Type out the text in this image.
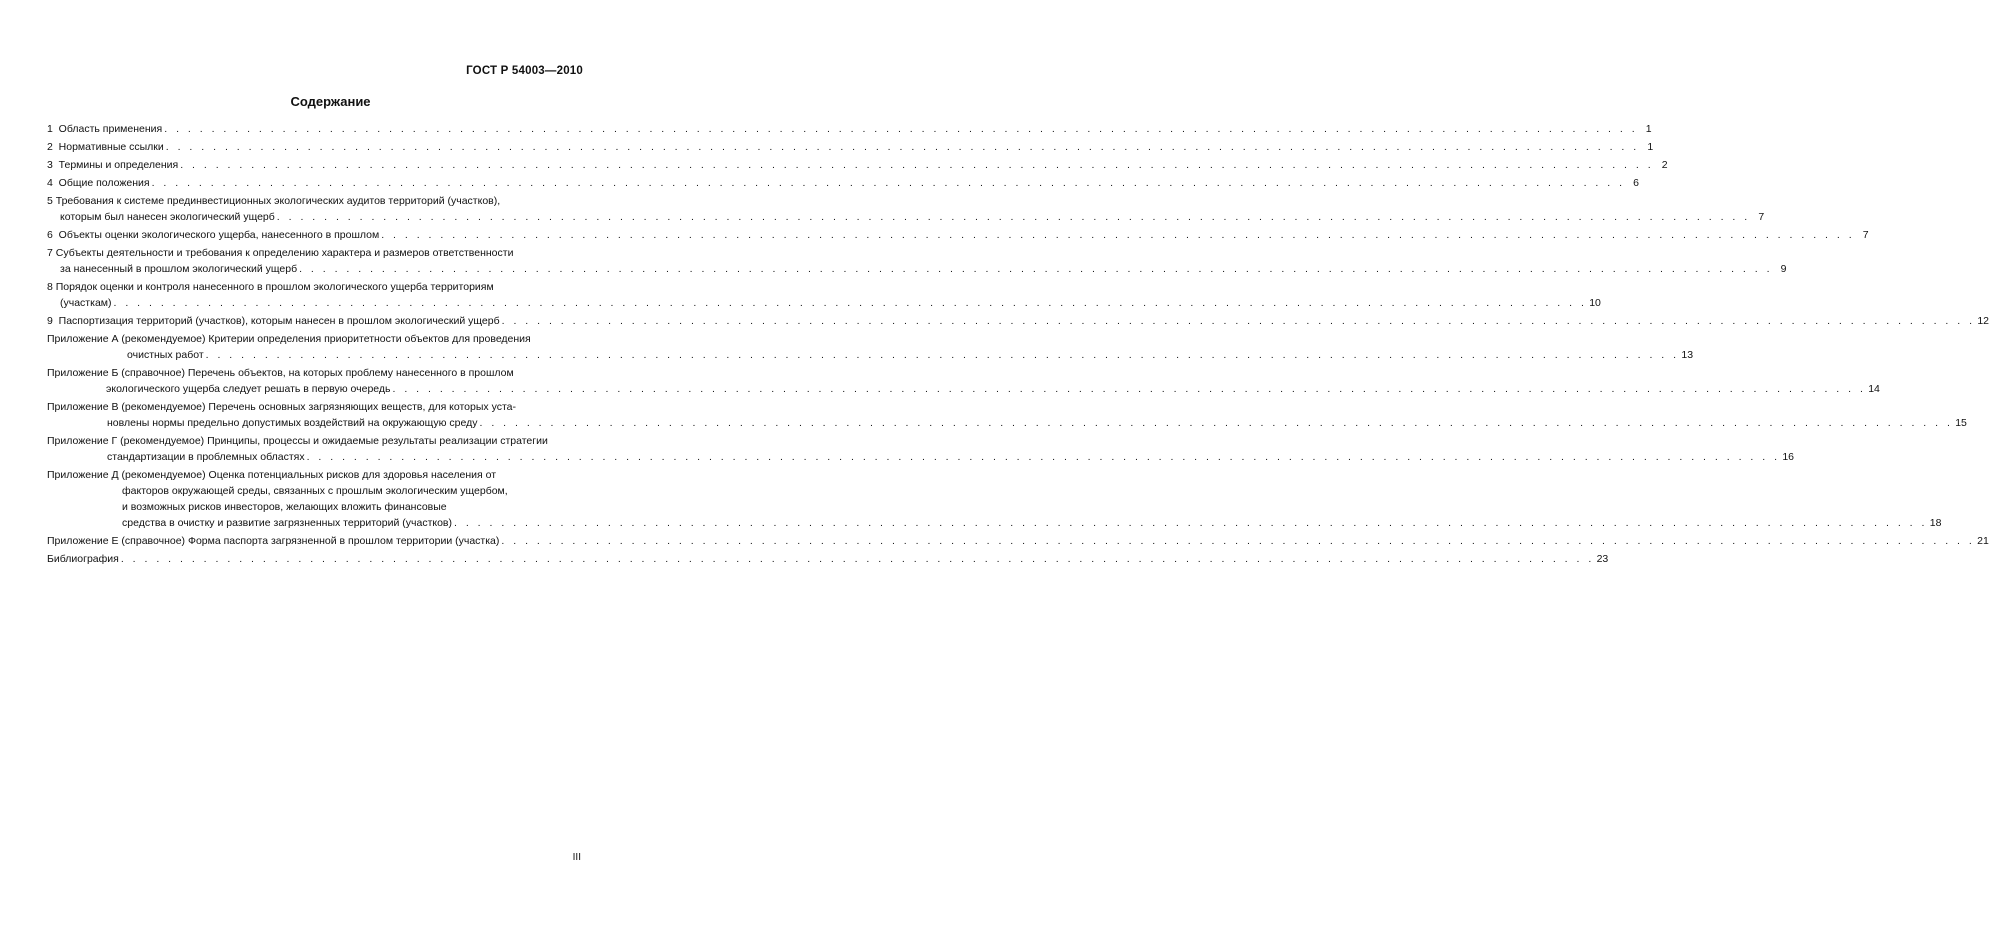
ГОСТ Р 54003—2010
Содержание
1  Область применения . . .	1
2  Нормативные ссылки . . .	1
3  Термины и определения . . .	2
4  Общие положения . . .	6
5 Требования к системе прединвестиционных экологических аудитов территорий (участков),
которым был нанесен экологический ущерб . . .	7
6  Объекты оценки экологического ущерба, нанесенного в прошлом . . .	7
7 Субъекты деятельности и требования к определению характера и размеров ответственности
за нанесенный в прошлом экологический ущерб . . .	9
8 Порядок оценки и контроля нанесенного в прошлом экологического ущерба территориям
(участкам) . . .	10
9  Паспортизация территорий (участков), которым нанесен в прошлом экологический ущерб . . .	12
Приложение А (рекомендуемое) Критерии определения приоритетности объектов для проведения
очистных работ . . .	13
Приложение Б (справочное) Перечень объектов, на которых проблему нанесенного в прошлом
экологического ущерба следует решать в первую очередь . . .	14
Приложение В (рекомендуемое) Перечень основных загрязняющих веществ, для которых уста-
новлены нормы предельно допустимых воздействий на окружающую среду . . .	15
Приложение Г (рекомендуемое) Принципы, процессы и ожидаемые результаты реализации стратегии
стандартизации в проблемных областях . . .	16
Приложение Д (рекомендуемое) Оценка потенциальных рисков для здоровья населения от
факторов окружающей среды, связанных с прошлым экологическим ущербом,
и возможных рисков инвесторов, желающих вложить финансовые
средства в очистку и развитие загрязненных территорий (участков) . . .	18
Приложение Е (справочное) Форма паспорта загрязненной в прошлом территории (участка) . . .	21
Библиография . . .	23
III
